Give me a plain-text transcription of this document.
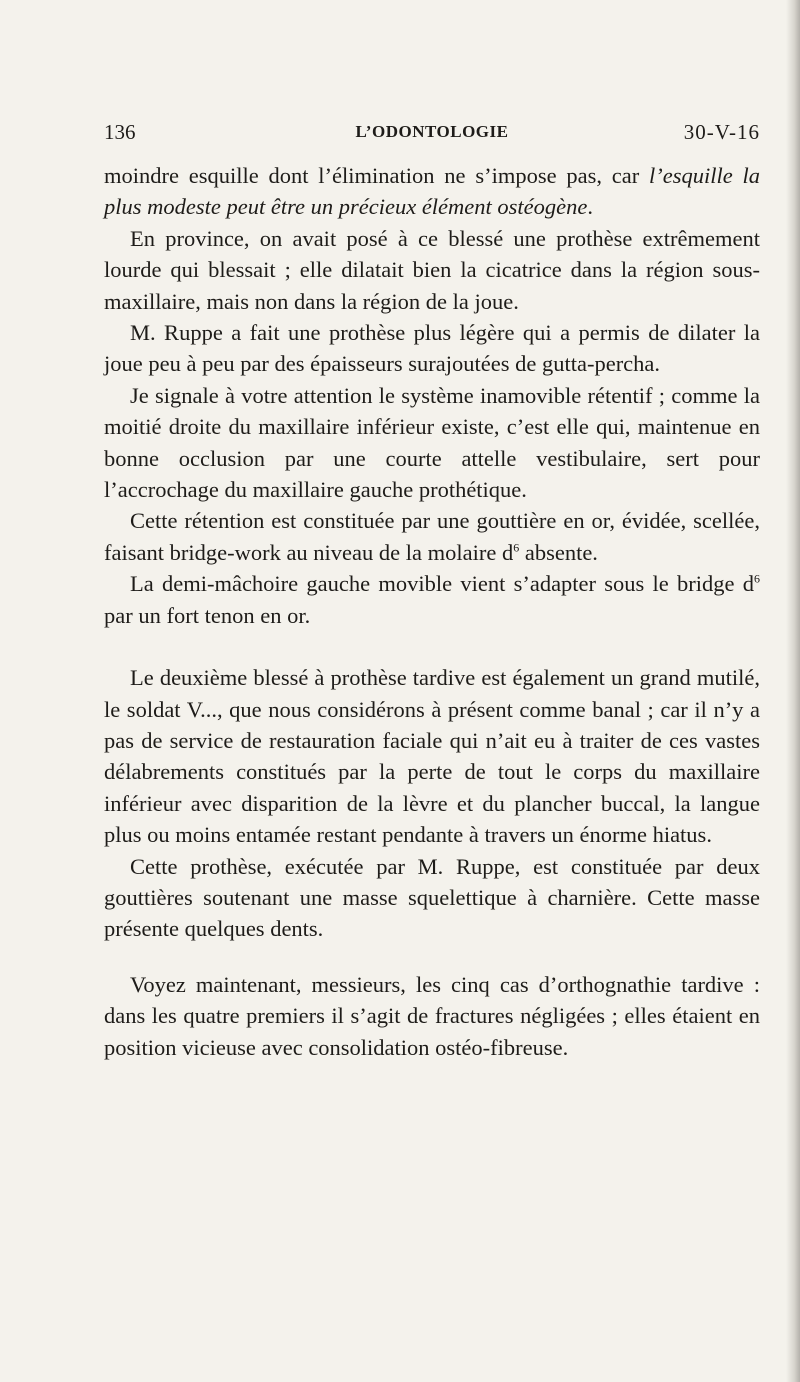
136	L’ODONTOLOGIE	30-V-16

moindre esquille dont l’élimination ne s’impose pas, car l’esquille la plus modeste peut être un précieux élément ostéogène.

En province, on avait posé à ce blessé une prothèse extrêmement lourde qui blessait ; elle dilatait bien la cicatrice dans la région sous-maxillaire, mais non dans la région de la joue.

M. Ruppe a fait une prothèse plus légère qui a permis de dilater la joue peu à peu par des épaisseurs surajoutées de gutta-percha.

Je signale à votre attention le système inamovible rétentif ; comme la moitié droite du maxillaire inférieur existe, c’est elle qui, maintenue en bonne occlusion par une courte attelle vestibulaire, sert pour l’accrochage du maxillaire gauche prothétique.

Cette rétention est constituée par une gouttière en or, évidée, scellée, faisant bridge-work au niveau de la molaire $d^6$ absente.

La demi-mâchoire gauche movible vient s’adapter sous le bridge $d^6$ par un fort tenon en or.

Le deuxième blessé à prothèse tardive est également un grand mutilé, le soldat V..., que nous considérons à présent comme banal ; car il n’y a pas de service de restauration faciale qui n’ait eu à traiter de ces vastes délabrements constitués par la perte de tout le corps du maxillaire inférieur avec disparition de la lèvre et du plancher buccal, la langue plus ou moins entamée restant pendante à travers un énorme hiatus.

Cette prothèse, exécutée par M. Ruppe, est constituée par deux gouttières soutenant une masse squelettique à charnière. Cette masse présente quelques dents.

Voyez maintenant, messieurs, les cinq cas d’orthognathie tardive : dans les quatre premiers il s’agit de fractures négligées ; elles étaient en position vicieuse avec consolidation ostéo-fibreuse.
